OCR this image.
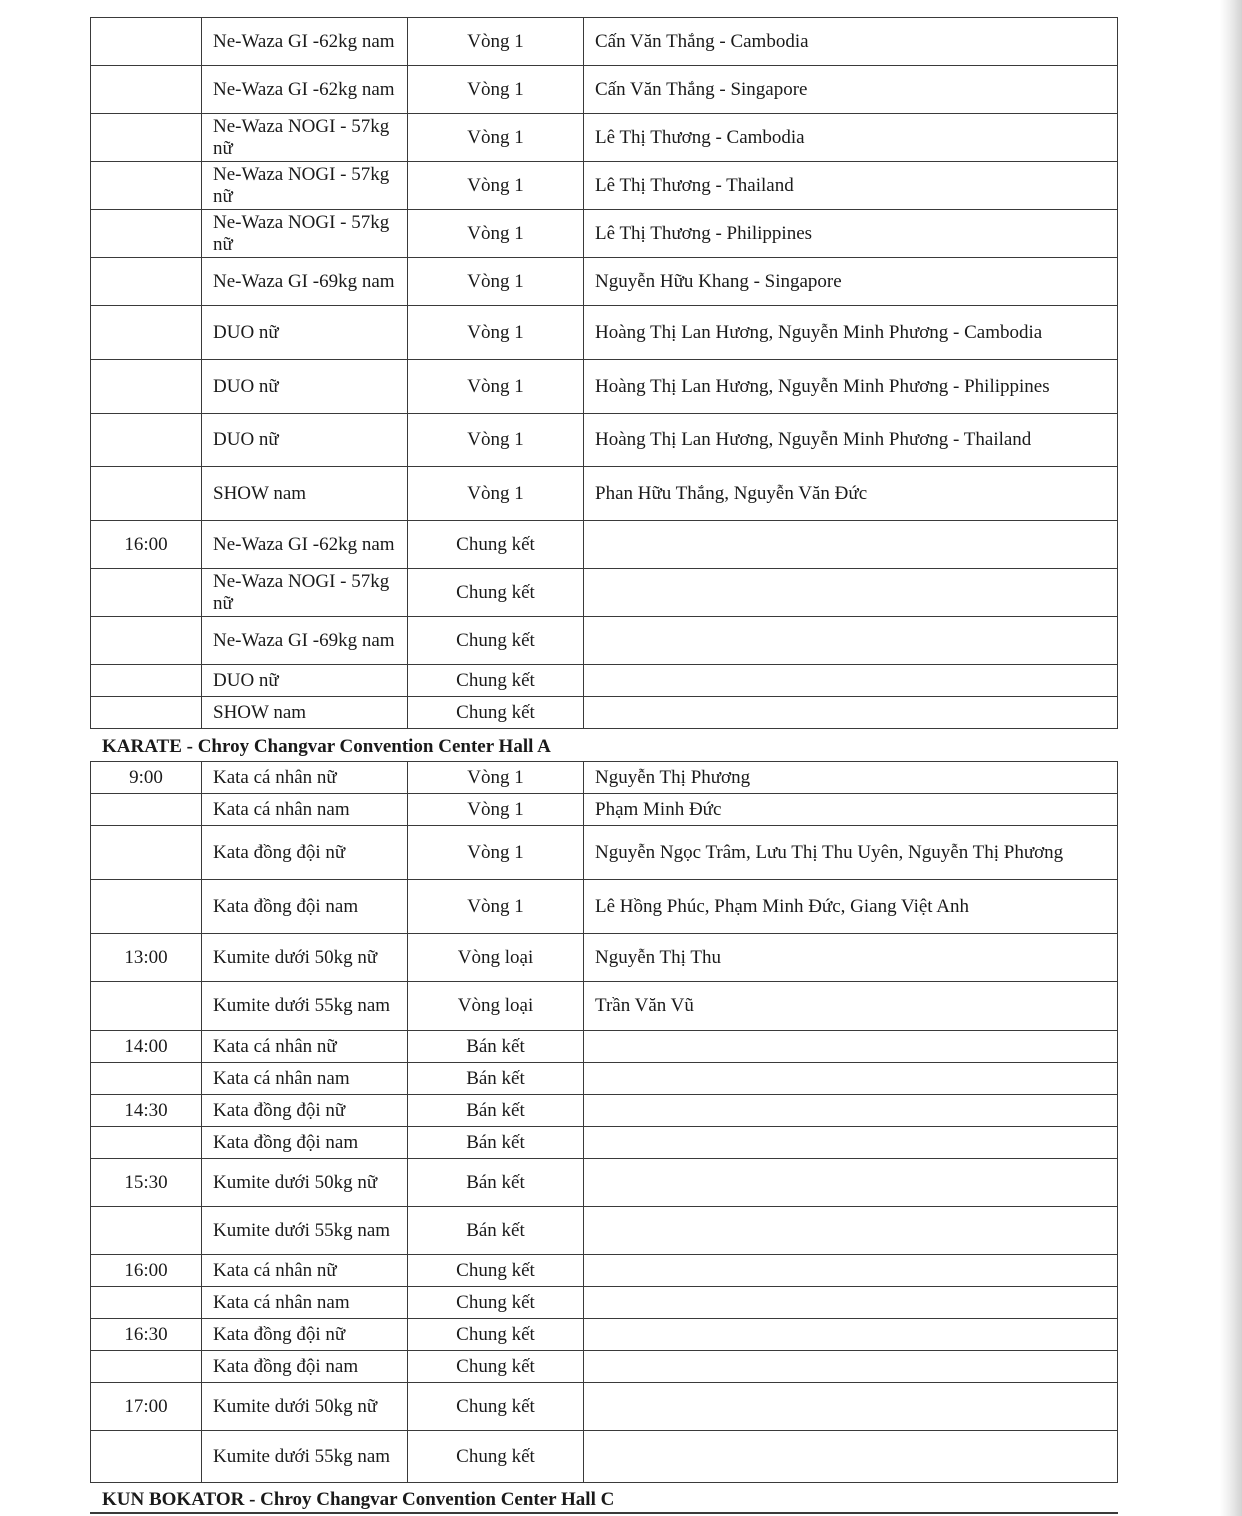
	Ne-Waza GI -62kg nam	Vòng 1	Cấn Văn Thắng - Cambodia

	Ne-Waza GI -62kg nam	Vòng 1	Cấn Văn Thắng - Singapore

	Ne-Waza NOGI - 57kg nữ	Vòng 1	Lê Thị Thương - Cambodia

	Ne-Waza NOGI - 57kg nữ	Vòng 1	Lê Thị Thương - Thailand

	Ne-Waza NOGI - 57kg nữ	Vòng 1	Lê Thị Thương - Philippines

	Ne-Waza GI -69kg nam	Vòng 1	Nguyễn Hữu Khang - Singapore

	DUO nữ	Vòng 1	Hoàng Thị Lan Hương, Nguyễn Minh Phương - Cambodia

	DUO nữ	Vòng 1	Hoàng Thị Lan Hương, Nguyễn Minh Phương - Philippines

	DUO nữ	Vòng 1	Hoàng Thị Lan Hương, Nguyễn Minh Phương - Thailand

	SHOW nam	Vòng 1	Phan Hữu Thắng, Nguyễn Văn Đức

16:00	Ne-Waza GI -62kg nam	Chung kết	

	Ne-Waza NOGI - 57kg nữ	Chung kết	

	Ne-Waza GI -69kg nam	Chung kết	

	DUO nữ	Chung kết	

	SHOW nam	Chung kết	

KARATE - Chroy Changvar Convention Center Hall A
9:00	Kata cá nhân nữ	Vòng 1	Nguyễn Thị Phương

	Kata cá nhân nam	Vòng 1	Phạm Minh Đức

	Kata đồng đội nữ	Vòng 1	Nguyễn Ngọc Trâm, Lưu Thị Thu Uyên, Nguyễn Thị Phương

	Kata đồng đội nam	Vòng 1	Lê Hồng Phúc, Phạm Minh Đức, Giang Việt Anh

13:00	Kumite dưới 50kg nữ	Vòng loại	Nguyễn Thị Thu

	Kumite dưới 55kg nam	Vòng loại	Trần Văn Vũ

14:00	Kata cá nhân nữ	Bán kết	

	Kata cá nhân nam	Bán kết	

14:30	Kata đồng đội nữ	Bán kết	

	Kata đồng đội nam	Bán kết	

15:30	Kumite dưới 50kg nữ	Bán kết	

	Kumite dưới 55kg nam	Bán kết	

16:00	Kata cá nhân nữ	Chung kết	

	Kata cá nhân nam	Chung kết	

16:30	Kata đồng đội nữ	Chung kết	

	Kata đồng đội nam	Chung kết	

17:00	Kumite dưới 50kg nữ	Chung kết	

	Kumite dưới 55kg nam	Chung kết	

KUN BOKATOR - Chroy Changvar Convention Center Hall C
